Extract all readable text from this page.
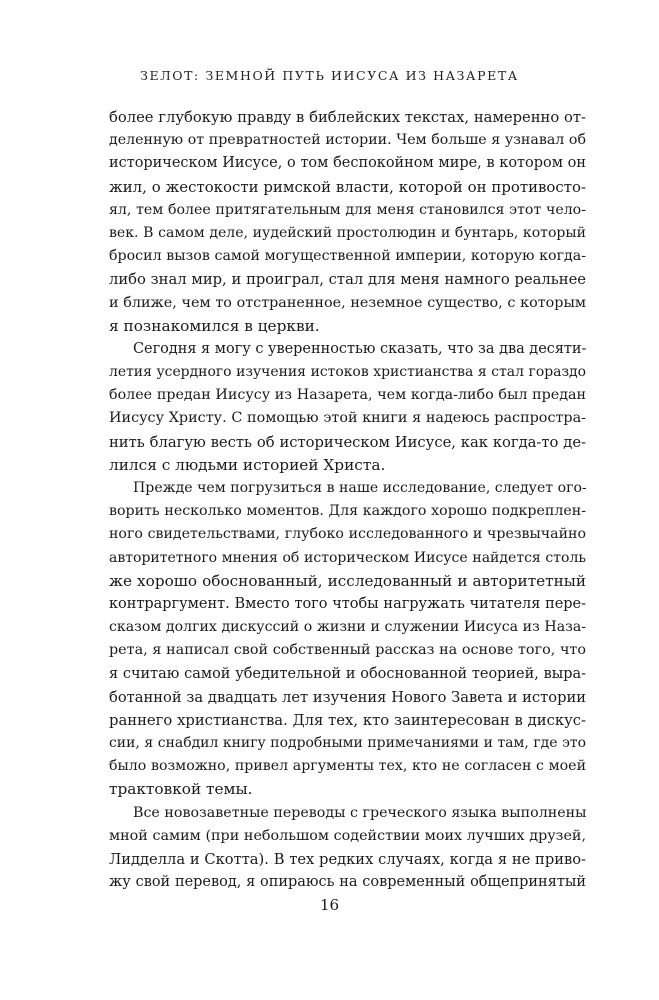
ЗЕЛОТ: ЗЕМНОЙ ПУТЬ ИИСУСА ИЗ НАЗАРЕТА
более глубокую правду в библейских текстах, намеренно от-
деленную от превратностей истории. Чем больше я узнавал об
историческом Иисусе, о том беспокойном мире, в котором он
жил, о жестокости римской власти, которой он противосто-
ял, тем более притягательным для меня становился этот чело-
век. В самом деле, иудейский простолюдин и бунтарь, который
бросил вызов самой могущественной империи, которую когда-
либо знал мир, и проиграл, стал для меня намного реальнее
и ближе, чем то отстраненное, неземное существо, с которым
я познакомился в церкви.
Сегодня я могу с уверенностью сказать, что за два десяти-
летия усердного изучения истоков христианства я стал гораздо
более предан Иисусу из Назарета, чем когда-либо был предан
Иисусу Христу. С помощью этой книги я надеюсь распростра-
нить благую весть об историческом Иисусе, как когда-то де-
лился с людьми историей Христа.
Прежде чем погрузиться в наше исследование, следует ого-
ворить несколько моментов. Для каждого хорошо подкреплен-
ного свидетельствами, глубоко исследованного и чрезвычайно
авторитетного мнения об историческом Иисусе найдется столь
же хорошо обоснованный, исследованный и авторитетный
контраргумент. Вместо того чтобы нагружать читателя пере-
сказом долгих дискуссий о жизни и служении Иисуса из Наза-
рета, я написал свой собственный рассказ на основе того, что
я считаю самой убедительной и обоснованной теорией, выра-
ботанной за двадцать лет изучения Нового Завета и истории
раннего христианства. Для тех, кто заинтересован в дискус-
сии, я снабдил книгу подробными примечаниями и там, где это
было возможно, привел аргументы тех, кто не согласен с моей
трактовкой темы.
Все новозаветные переводы с греческого языка выполнены
мной самим (при небольшом содействии моих лучших друзей,
Лидделла и Скотта). В тех редких случаях, когда я не приво-
жу свой перевод, я опираюсь на современный общепринятый
16
